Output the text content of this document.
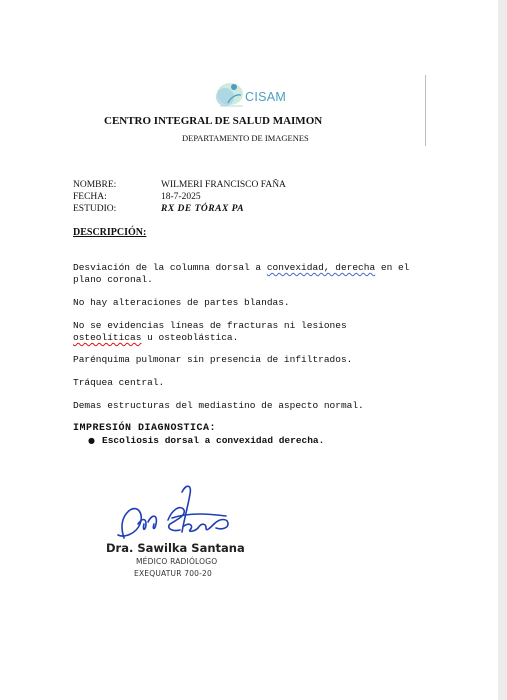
CISAM
CENTRO INTEGRAL DE SALUD MAIMON
DEPARTAMENTO DE IMAGENES
NOMBRE:	WILMERI FRANCISCO FAÑA
FECHA:	18-7-2025
ESTUDIO:	RX DE TÓRAX PA
DESCRIPCIÓN:
Desviación de la columna dorsal a convexidad, derecha en el plano coronal.
No hay alteraciones de partes blandas.
No se evidencias líneas de fracturas ni lesiones osteolíticas u osteoblástica.
Parénquima pulmonar sin presencia de infiltrados.
Tráquea central.
Demas estructuras del mediastino de aspecto normal.
IMPRESIÓN DIAGNOSTICA:
● Escoliosis dorsal a convexidad derecha.
Dra. Sawilka Santana
MÉDICO RADIÓLOGO
EXEQUATUR 700-20
